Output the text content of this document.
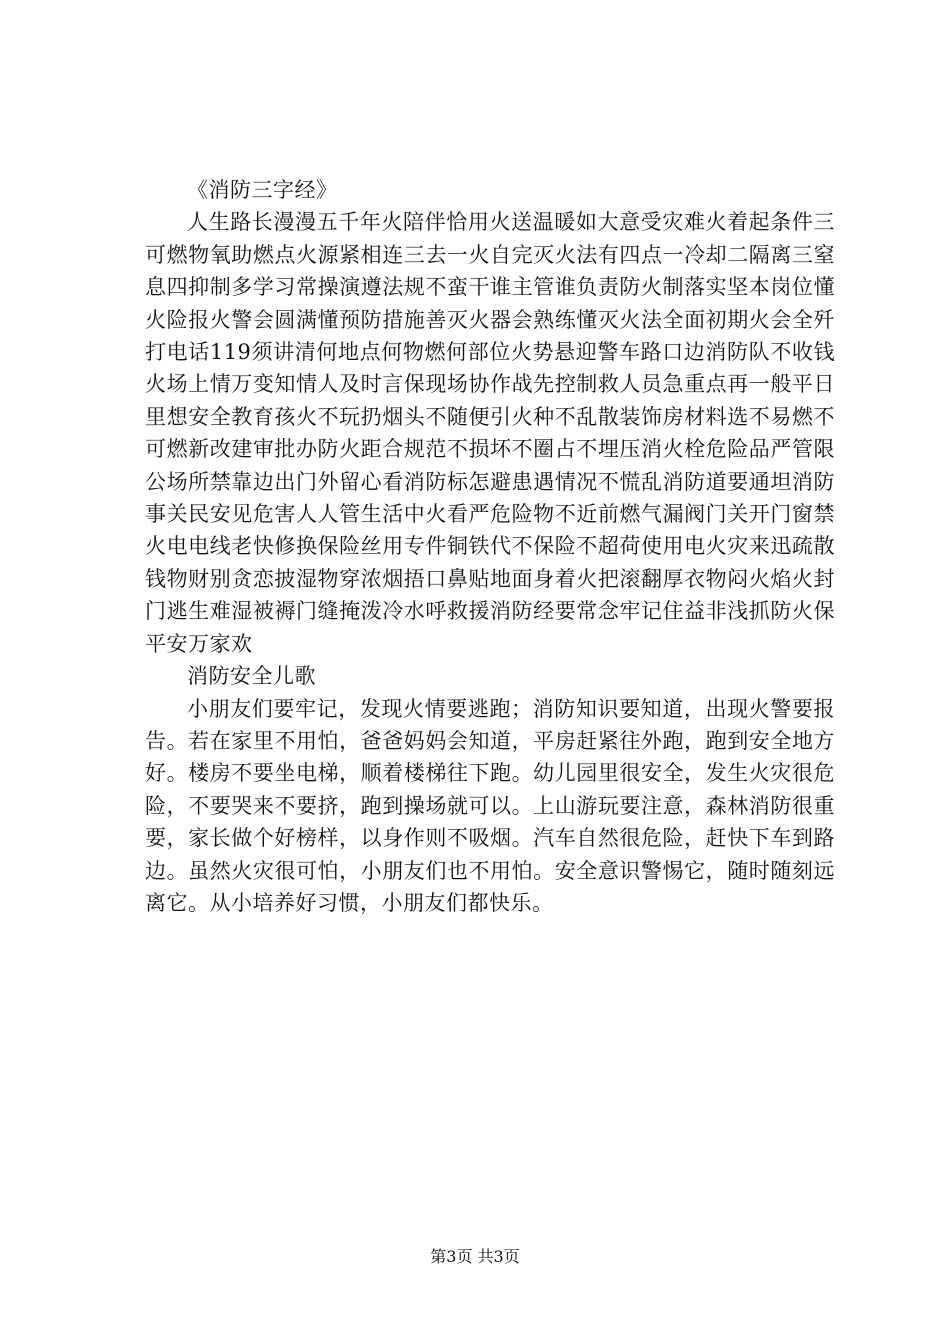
《消防三字经》

人生路长漫漫五千年火陪伴恰用火送温暖如大意受灾难火着起条件三可燃物氧助燃点火源紧相连三去一火自完灭火法有四点一冷却二隔离三窒息四抑制多学习常操演遵法规不蛮干谁主管谁负责防火制落实坚本岗位懂火险报火警会圆满懂预防措施善灭火器会熟练懂灭火法全面初期火会全歼打电话119须讲清何地点何物燃何部位火势悬迎警车路口边消防队不收钱火场上情万变知情人及时言保现场协作战先控制救人员急重点再一般平日里想安全教育孩火不玩扔烟头不随便引火种不乱散装饰房材料选不易燃不可燃新改建审批办防火距合规范不损坏不圈占不埋压消火栓危险品严管限公场所禁靠边出门外留心看消防标怎避患遇情况不慌乱消防道要通坦消防事关民安见危害人人管生活中火看严危险物不近前燃气漏阀门关开门窗禁火电电线老快修换保险丝用专件铜铁代不保险不超荷使用电火灾来迅疏散钱物财别贪恋披湿物穿浓烟捂口鼻贴地面身着火把滚翻厚衣物闷火焰火封门逃生难湿被褥门缝掩泼冷水呼救援消防经要常念牢记住益非浅抓防火保平安万家欢

消防安全儿歌

小朋友们要牢记，发现火情要逃跑；消防知识要知道，出现火警要报告。若在家里不用怕，爸爸妈妈会知道，平房赶紧往外跑，跑到安全地方好。楼房不要坐电梯，顺着楼梯往下跑。幼儿园里很安全，发生火灾很危险，不要哭来不要挤，跑到操场就可以。上山游玩要注意，森林消防很重要，家长做个好榜样，以身作则不吸烟。汽车自然很危险，赶快下车到路边。虽然火灾很可怕，小朋友们也不用怕。安全意识警惕它，随时随刻远离它。从小培养好习惯，小朋友们都快乐。

第3页 共3页
